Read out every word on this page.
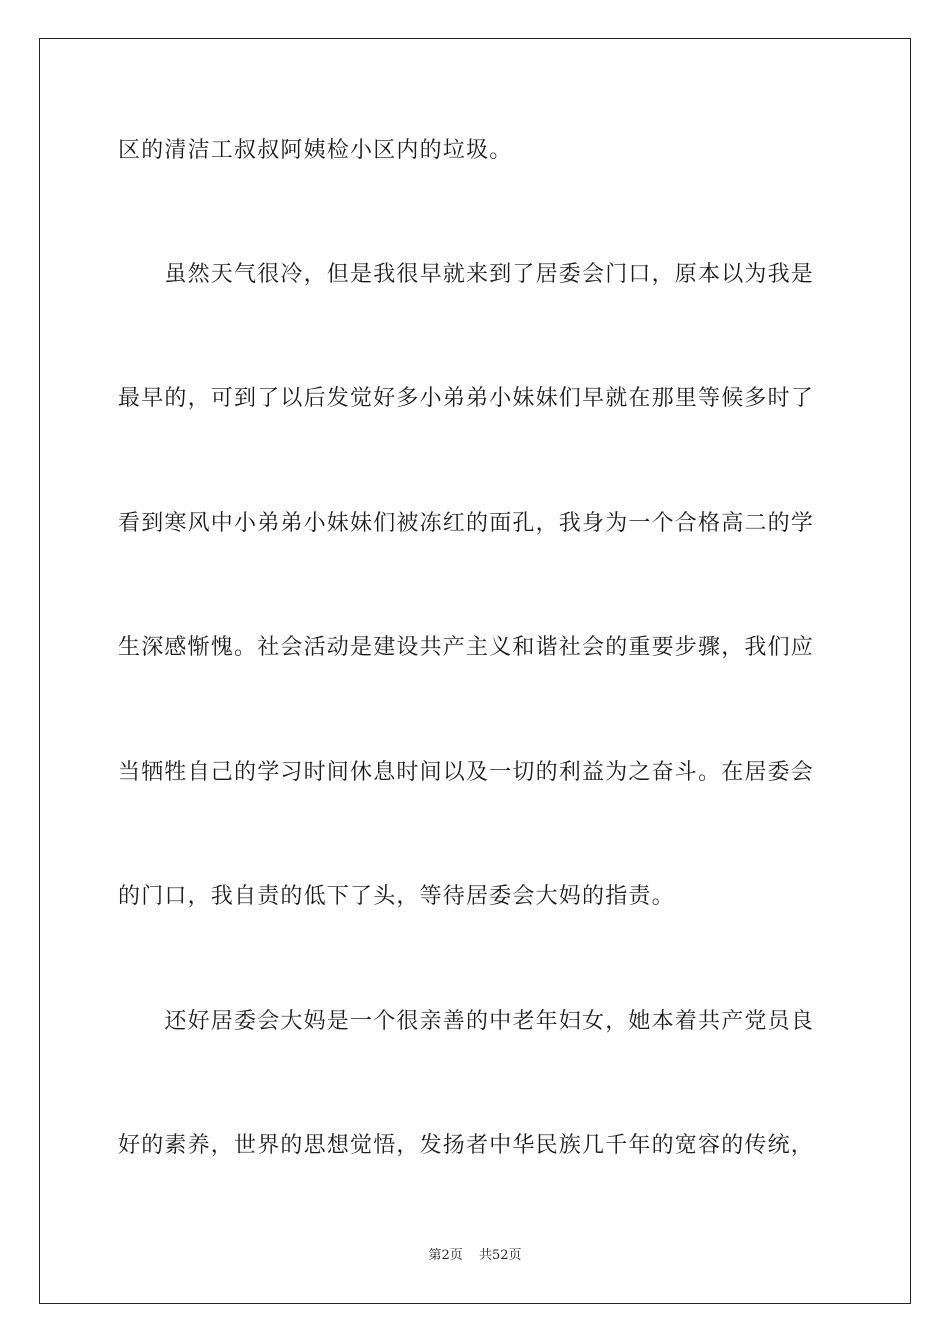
区的清洁工叔叔阿姨检小区内的垃圾。
　　虽然天气很冷，但是我很早就来到了居委会门口，原本以为我是
最早的，可到了以后发觉好多小弟弟小妹妹们早就在那里等候多时了
看到寒风中小弟弟小妹妹们被冻红的面孔，我身为一个合格高二的学
生深感惭愧。社会活动是建设共产主义和谐社会的重要步骤，我们应
当牺牲自己的学习时间休息时间以及一切的利益为之奋斗。在居委会
的门口，我自责的低下了头，等待居委会大妈的指责。
　　还好居委会大妈是一个很亲善的中老年妇女，她本着共产党员良
好的素养，世界的思想觉悟，发扬者中华民族几千年的宽容的传统，
第2页 共52页
